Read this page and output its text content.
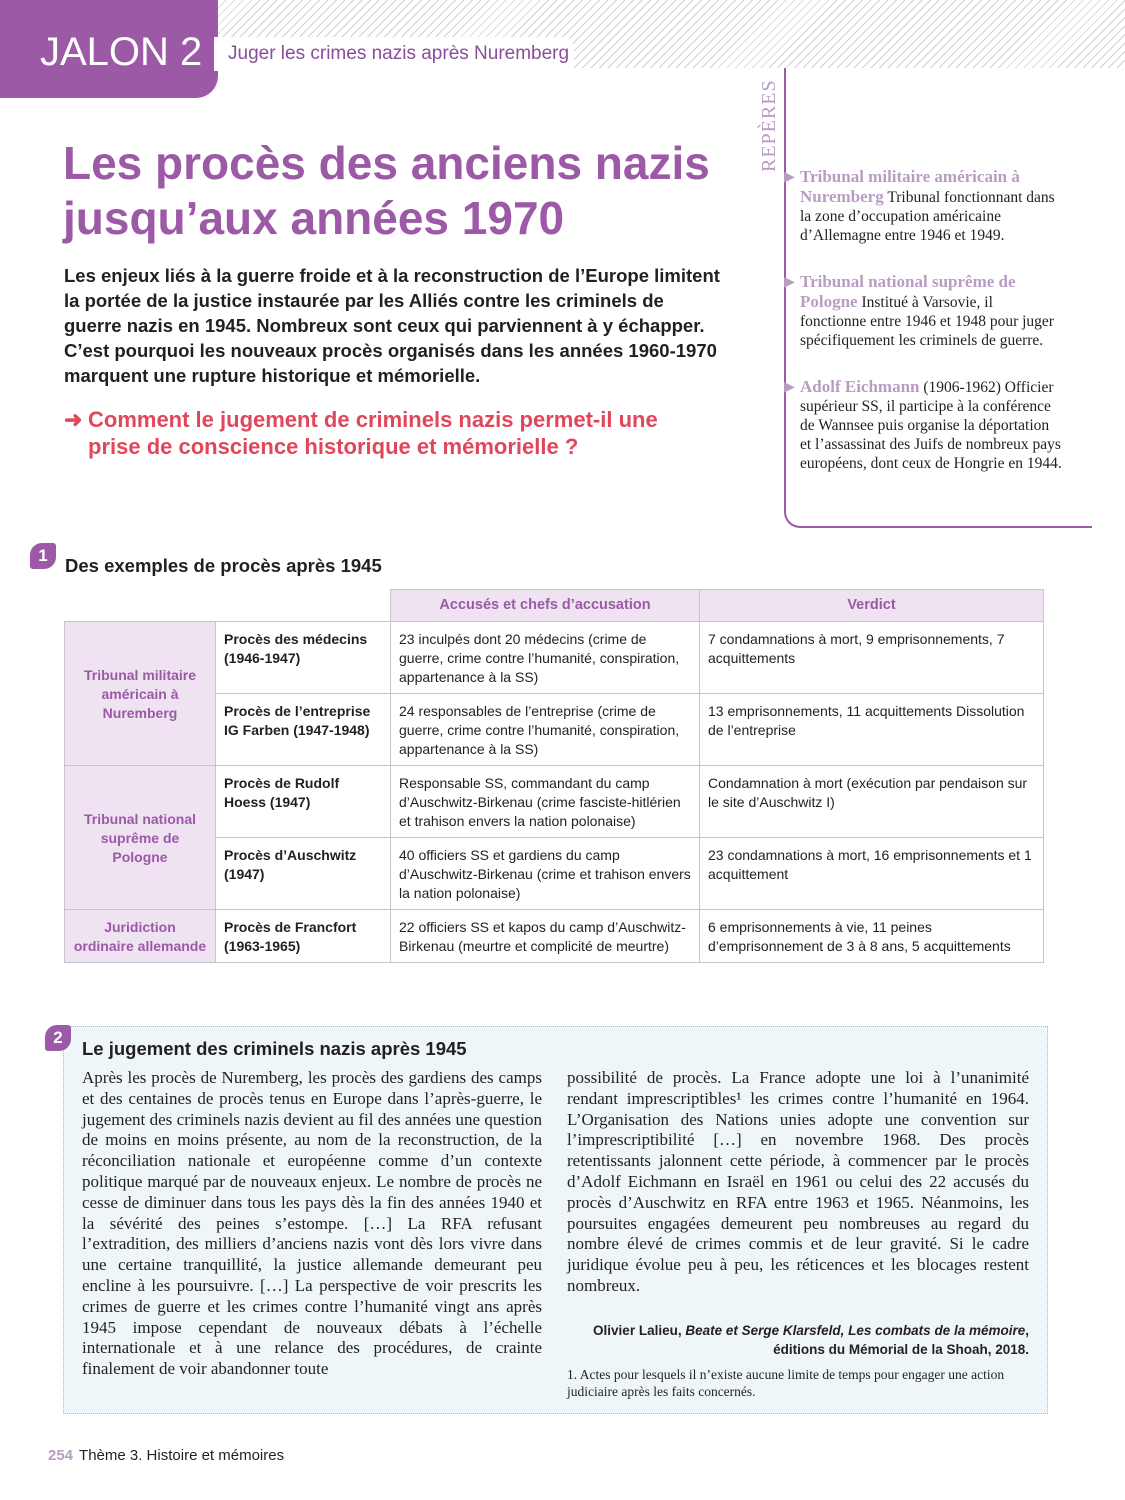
JALON 2 Juger les crimes nazis après Nuremberg
Les procès des anciens nazis
jusqu’aux années 1970
Les enjeux liés à la guerre froide et à la reconstruction de l’Europe limitent la portée de la justice instaurée par les Alliés contre les criminels de guerre nazis en 1945. Nombreux sont ceux qui parviennent à y échapper. C’est pourquoi les nouveaux procès organisés dans les années 1960-1970 marquent une rupture historique et mémorielle.
➜ Comment le jugement de criminels nazis permet-il une prise de conscience historique et mémorielle ?
REPÈRES
▶ Tribunal militaire américain à Nuremberg Tribunal fonctionnant dans la zone d’occupation américaine d’Allemagne entre 1946 et 1949.
▶ Tribunal national suprême de Pologne Institué à Varsovie, il fonctionne entre 1946 et 1948 pour juger spécifiquement les criminels de guerre.
▶ Adolf Eichmann (1906-1962) Officier supérieur SS, il participe à la conférence de Wannsee puis organise la déportation et l’assassinat des Juifs de nombreux pays européens, dont ceux de Hongrie en 1944.
1 Des exemples de procès après 1945
		Accusés et chefs d’accusation	Verdict
Tribunal militaire américain à Nuremberg	Procès des médecins (1946-1947)	23 inculpés dont 20 médecins (crime de guerre, crime contre l’humanité, conspiration, appartenance à la SS)	7 condamnations à mort, 9 emprisonnements, 7 acquittements
	Procès de l’entreprise IG Farben (1947-1948)	24 responsables de l’entreprise (crime de guerre, crime contre l’humanité, conspiration, appartenance à la SS)	13 emprisonnements, 11 acquittements Dissolution de l’entreprise
Tribunal national suprême de Pologne	Procès de Rudolf Hoess (1947)	Responsable SS, commandant du camp d’Auschwitz-Birkenau (crime fasciste-hitlérien et trahison envers la nation polonaise)	Condamnation à mort (exécution par pendaison sur le site d’Auschwitz I)
	Procès d’Auschwitz (1947)	40 officiers SS et gardiens du camp d’Auschwitz-Birkenau (crime et trahison envers la nation polonaise)	23 condamnations à mort, 16 emprisonnements et 1 acquittement
Juridiction ordinaire allemande	Procès de Francfort (1963-1965)	22 officiers SS et kapos du camp d’Auschwitz-Birkenau (meurtre et complicité de meurtre)	6 emprisonnements à vie, 11 peines d’emprisonnement de 3 à 8 ans, 5 acquittements
2
Le jugement des criminels nazis après 1945
Après les procès de Nuremberg, les procès des gardiens des camps et des centaines de procès tenus en Europe dans l’après-guerre, le jugement des criminels nazis devient au fil des années une question de moins en moins présente, au nom de la reconstruction, de la réconciliation nationale et européenne comme d’un contexte politique marqué par de nouveaux enjeux. Le nombre de procès ne cesse de diminuer dans tous les pays dès la fin des années 1940 et la sévérité des peines s’estompe. […] La RFA refusant l’extradition, des milliers d’anciens nazis vont dès lors vivre dans une certaine tranquillité, la justice allemande demeurant peu encline à les poursuivre. […] La perspective de voir prescrits les crimes de guerre et les crimes contre l’humanité vingt ans après 1945 impose cependant de nouveaux débats à l’échelle internationale et à une relance des procédures, de crainte finalement de voir abandonner toute
possibilité de procès. La France adopte une loi à l’unanimité rendant imprescriptibles¹ les crimes contre l’humanité en 1964. L’Organisation des Nations unies adopte une convention sur l’imprescriptibilité […] en novembre 1968. Des procès retentissants jalonnent cette période, à commencer par le procès d’Adolf Eichmann en Israël en 1961 ou celui des 22 accusés du procès d’Auschwitz en RFA entre 1963 et 1965. Néanmoins, les poursuites engagées demeurent peu nombreuses au regard du nombre élevé de crimes commis et de leur gravité. Si le cadre juridique évolue peu à peu, les réticences et les blocages restent nombreux.
Olivier Lalieu, Beate et Serge Klarsfeld, Les combats de la mémoire, éditions du Mémorial de la Shoah, 2018.
1. Actes pour lesquels il n’existe aucune limite de temps pour engager une action judiciaire après les faits concernés.
254 Thème 3. Histoire et mémoires
